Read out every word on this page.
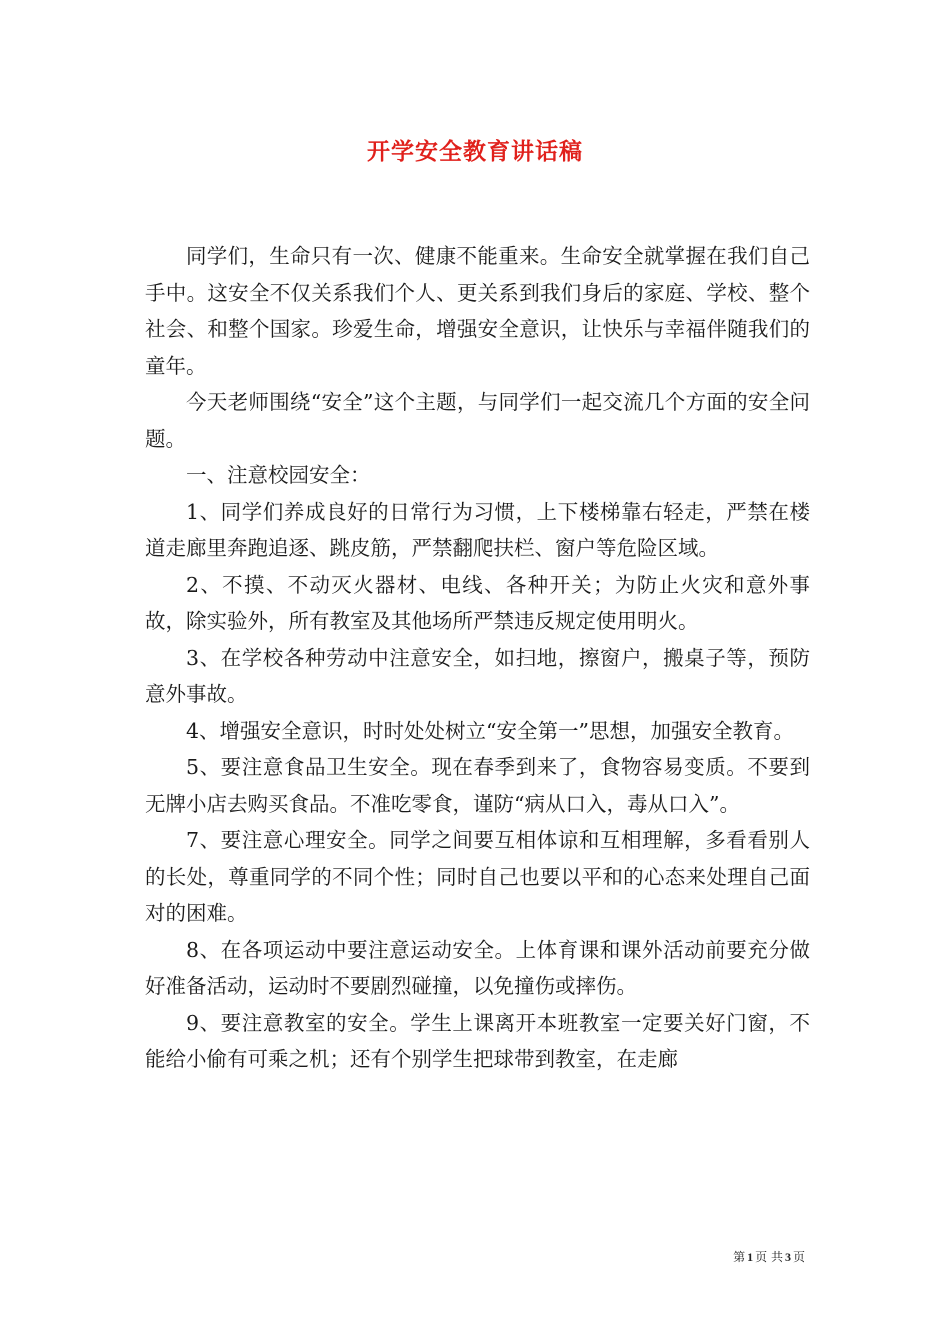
开学安全教育讲话稿

同学们，生命只有一次、健康不能重来。生命安全就掌握在我们自己手中。这安全不仅关系我们个人、更关系到我们身后的家庭、学校、整个社会、和整个国家。珍爱生命，增强安全意识，让快乐与幸福伴随我们的童年。

今天老师围绕“安全”这个主题，与同学们一起交流几个方面的安全问题。

一、注意校园安全：

1、同学们养成良好的日常行为习惯，上下楼梯靠右轻走，严禁在楼道走廊里奔跑追逐、跳皮筋，严禁翻爬扶栏、窗户等危险区域。

2、不摸、不动灭火器材、电线、各种开关；为防止火灾和意外事故，除实验外，所有教室及其他场所严禁违反规定使用明火。

3、在学校各种劳动中注意安全，如扫地，擦窗户，搬桌子等，预防意外事故。

4、增强安全意识，时时处处树立“安全第一”思想，加强安全教育。

5、要注意食品卫生安全。现在春季到来了，食物容易变质。不要到无牌小店去购买食品。不准吃零食，谨防“病从口入，毒从口入”。

7、要注意心理安全。同学之间要互相体谅和互相理解，多看看别人的长处，尊重同学的不同个性；同时自己也要以平和的心态来处理自己面对的困难。

8、在各项运动中要注意运动安全。上体育课和课外活动前要充分做好准备活动，运动时不要剧烈碰撞，以免撞伤或摔伤。

9、要注意教室的安全。学生上课离开本班教室一定要关好门窗，不能给小偷有可乘之机；还有个别学生把球带到教室，在走廊

第 1 页 共 3 页
